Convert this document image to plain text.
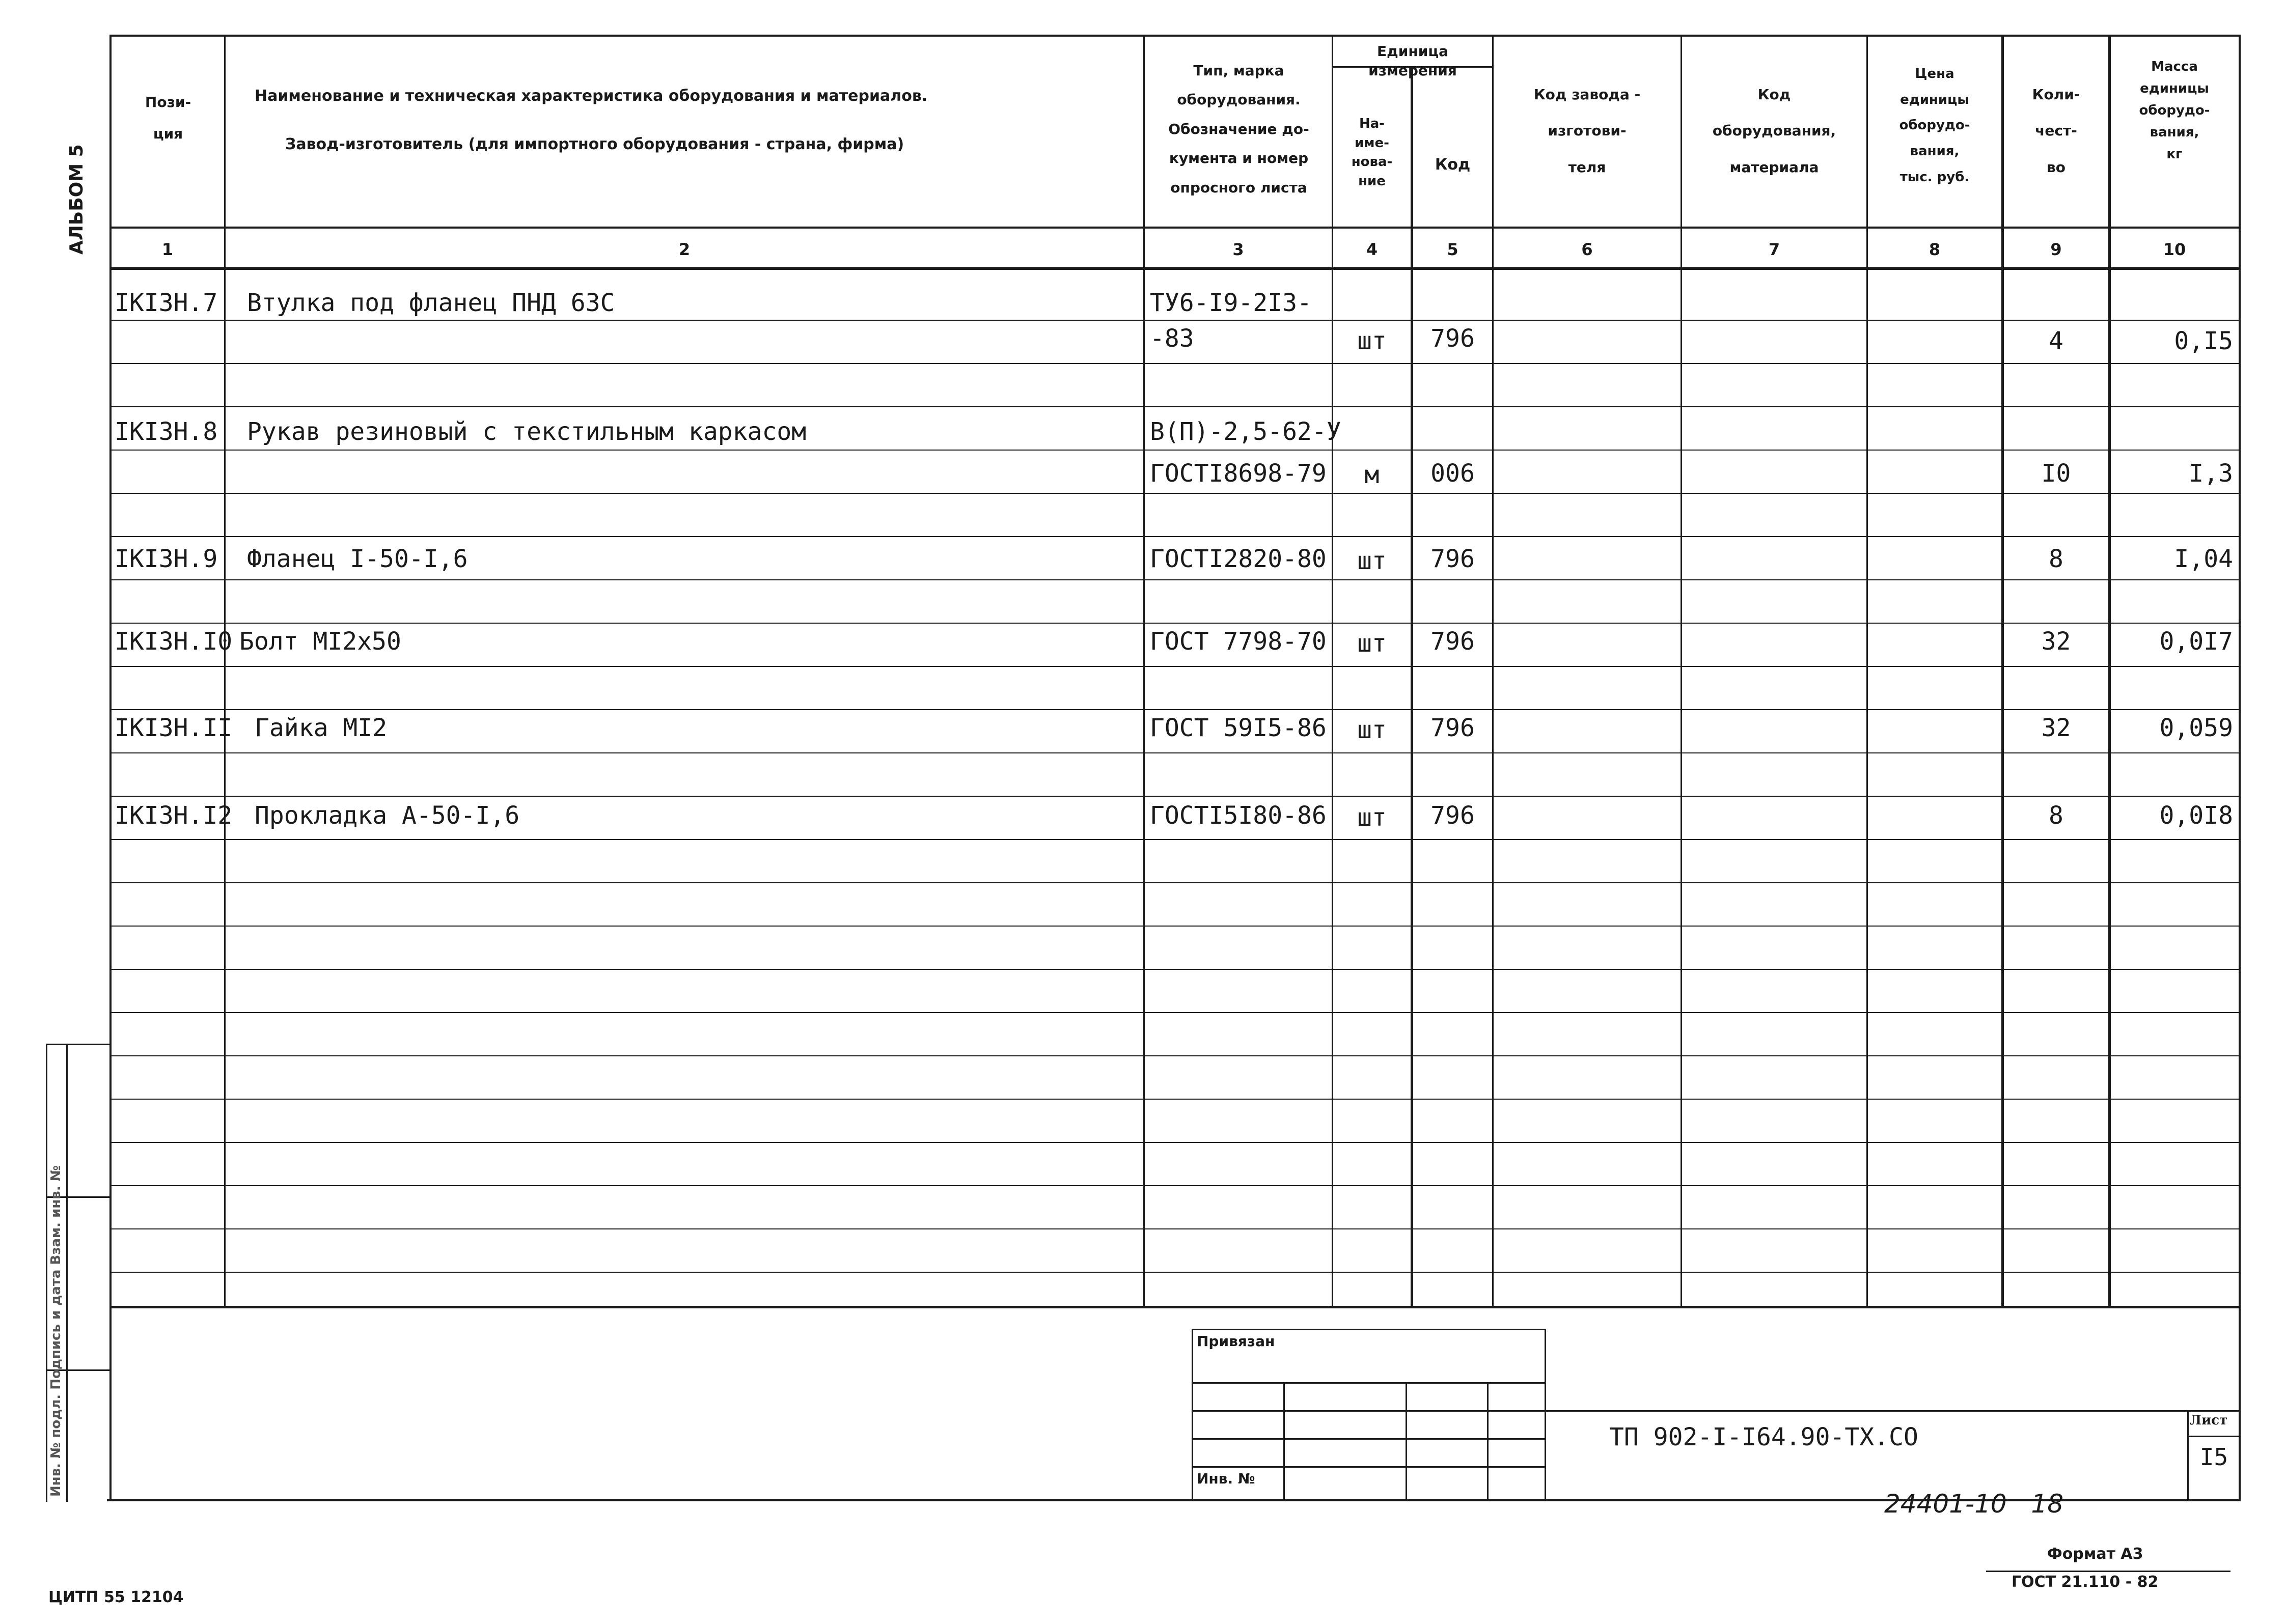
АЛЬБОМ 5
Инв. № подл. Подпись и дата Взам. инв. №
Пози-
ция
Наименование и техническая характеристика оборудования и материалов.
Завод-изготовитель (для импортного оборудования - страна, фирма)
Тип, марка
оборудования.
Обозначение до-
кумента и номер
опросного листа
Единица
измерения
На-
име-
нова-
ние
Код
Код завода -
изготови-
теля
Код
оборудования,
материала
Цена
единицы
оборудо-
вания,
тыс. руб.
Коли-
чест-
во
Масса
единицы
оборудо-
вания,
кг
1	2	3	4	5	6	7	8	9	10
IKI3H.7 Втулка под фланец ПНД 63С	ТУ6-I9-2I3-
-83	шт	796	4	0,I5
IKI3H.8 Рукав резиновый с текстильным каркасом	В(П)-2,5-62-У
ГОСТI8698-79	м	006	I0	I,3
IKI3H.9 Фланец I-50-I,6	ГОСТI2820-80	шт	796	8	I,04
IKI3H.I0 Болт МI2х50	ГОСТ 7798-70	шт	796	32	0,0I7
IKI3H.II Гайка МI2	ГОСТ 59I5-86	шт	796	32	0,059
IKI3H.I2 Прокладка А-50-I,6	ГОСТI5I80-86	шт	796	8	0,0I8
Привязан
Инв. №
ТП 902-I-I64.90-ТХ.СО
Лист
I5
24401-10   18
Формат А3
ГОСТ 21.110 - 82
ЦИТП 55 12104
